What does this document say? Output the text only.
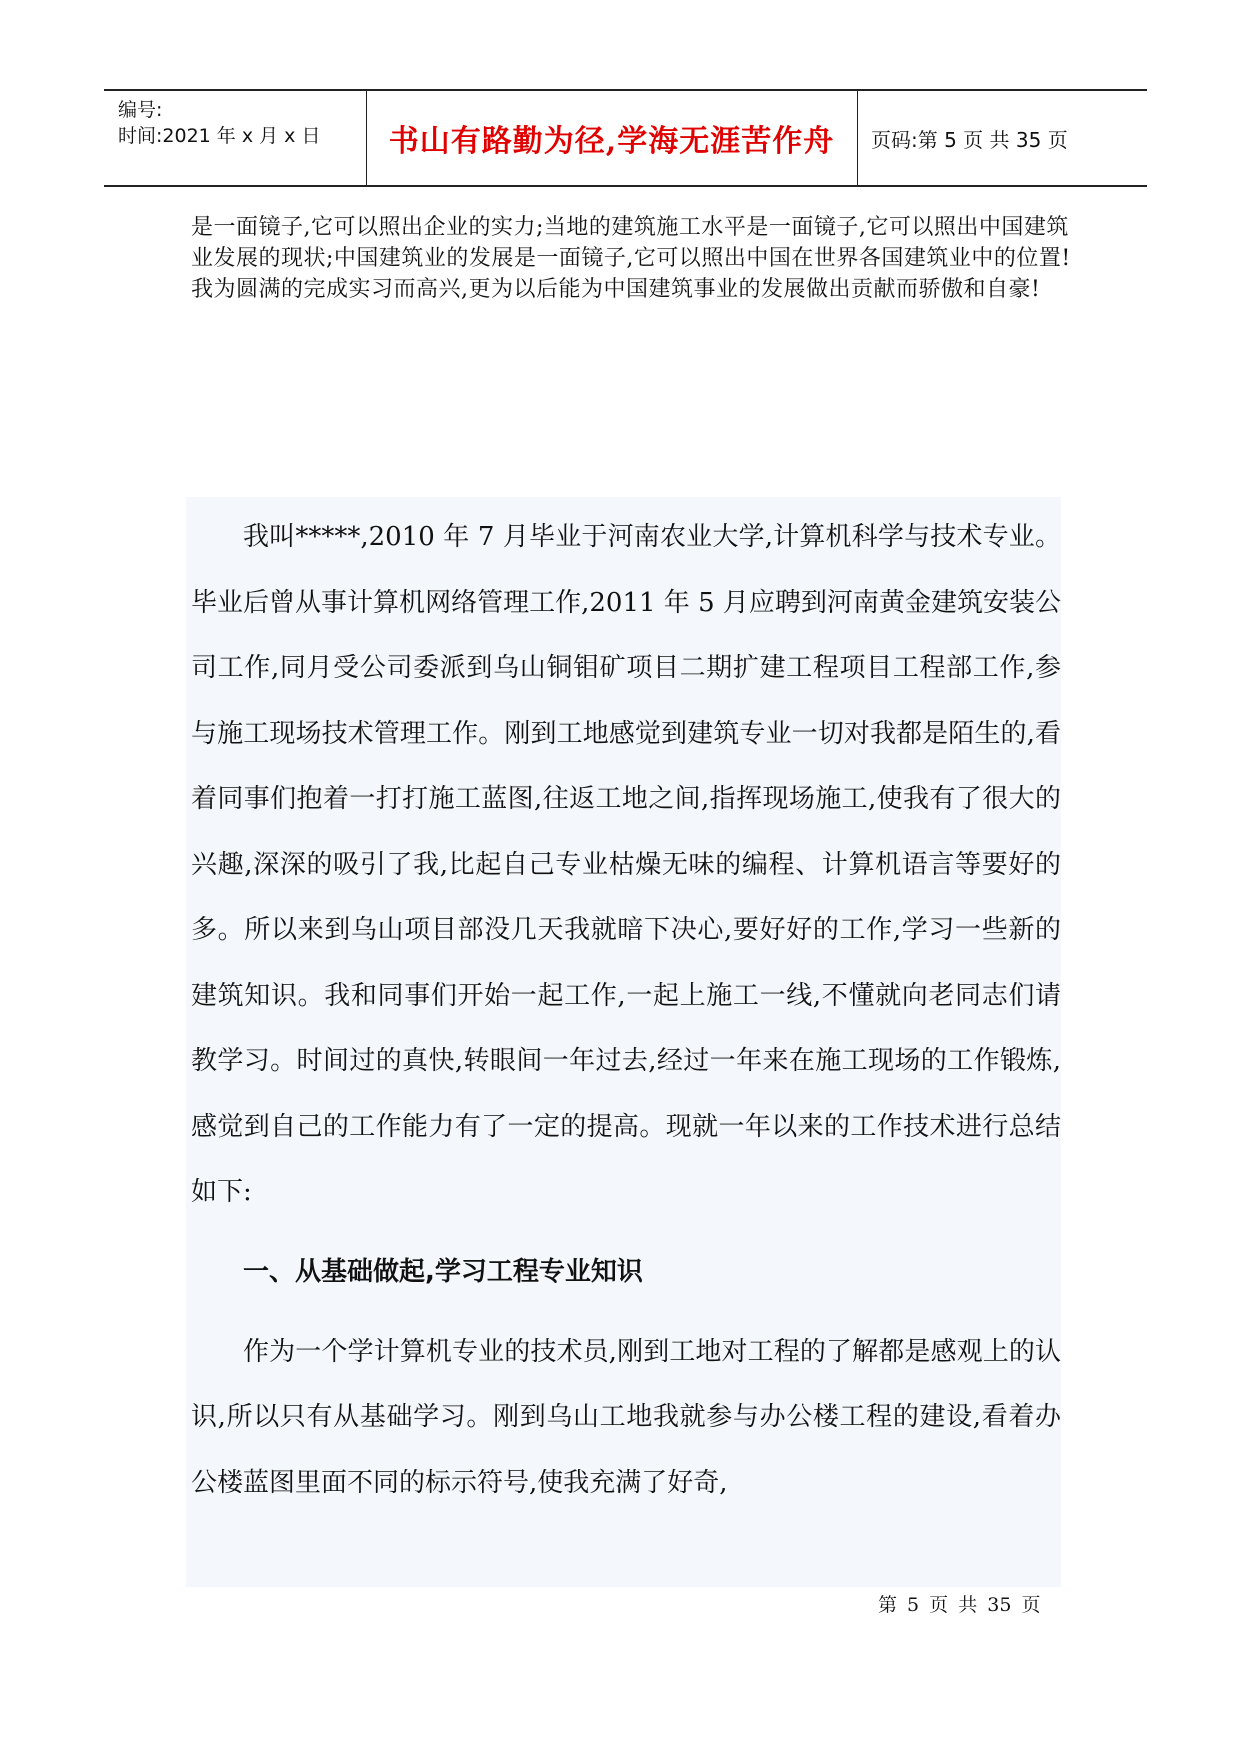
编号:
时间:2021 年 x 月 x 日 书山有路勤为径,学海无涯苦作舟 页码:第 5 页 共 35 页

是一面镜子,它可以照出企业的实力;当地的建筑施工水平是一面镜子,它可以照出中国建筑业发展的现状;中国建筑业的发展是一面镜子,它可以照出中国在世界各国建筑业中的位置!我为圆满的完成实习而高兴,更为以后能为中国建筑事业的发展做出贡献而骄傲和自豪!

我叫*****,2010 年 7 月毕业于河南农业大学,计算机科学与技术专业。毕业后曾从事计算机网络管理工作,2011 年 5 月应聘到河南黄金建筑安装公司工作,同月受公司委派到乌山铜钼矿项目二期扩建工程项目工程部工作,参与施工现场技术管理工作。刚到工地感觉到建筑专业一切对我都是陌生的,看着同事们抱着一打打施工蓝图,往返工地之间,指挥现场施工,使我有了很大的兴趣,深深的吸引了我,比起自己专业枯燥无味的编程、计算机语言等要好的多。所以来到乌山项目部没几天我就暗下决心,要好好的工作,学习一些新的建筑知识。我和同事们开始一起工作,一起上施工一线,不懂就向老同志们请教学习。时间过的真快,转眼间一年过去,经过一年来在施工现场的工作锻炼,感觉到自己的工作能力有了一定的提高。现就一年以来的工作技术进行总结如下:

一、从基础做起,学习工程专业知识

作为一个学计算机专业的技术员,刚到工地对工程的了解都是感观上的认识,所以只有从基础学习。刚到乌山工地我就参与办公楼工程的建设,看着办公楼蓝图里面不同的标示符号,使我充满了好奇,

第 5 页 共 35 页
